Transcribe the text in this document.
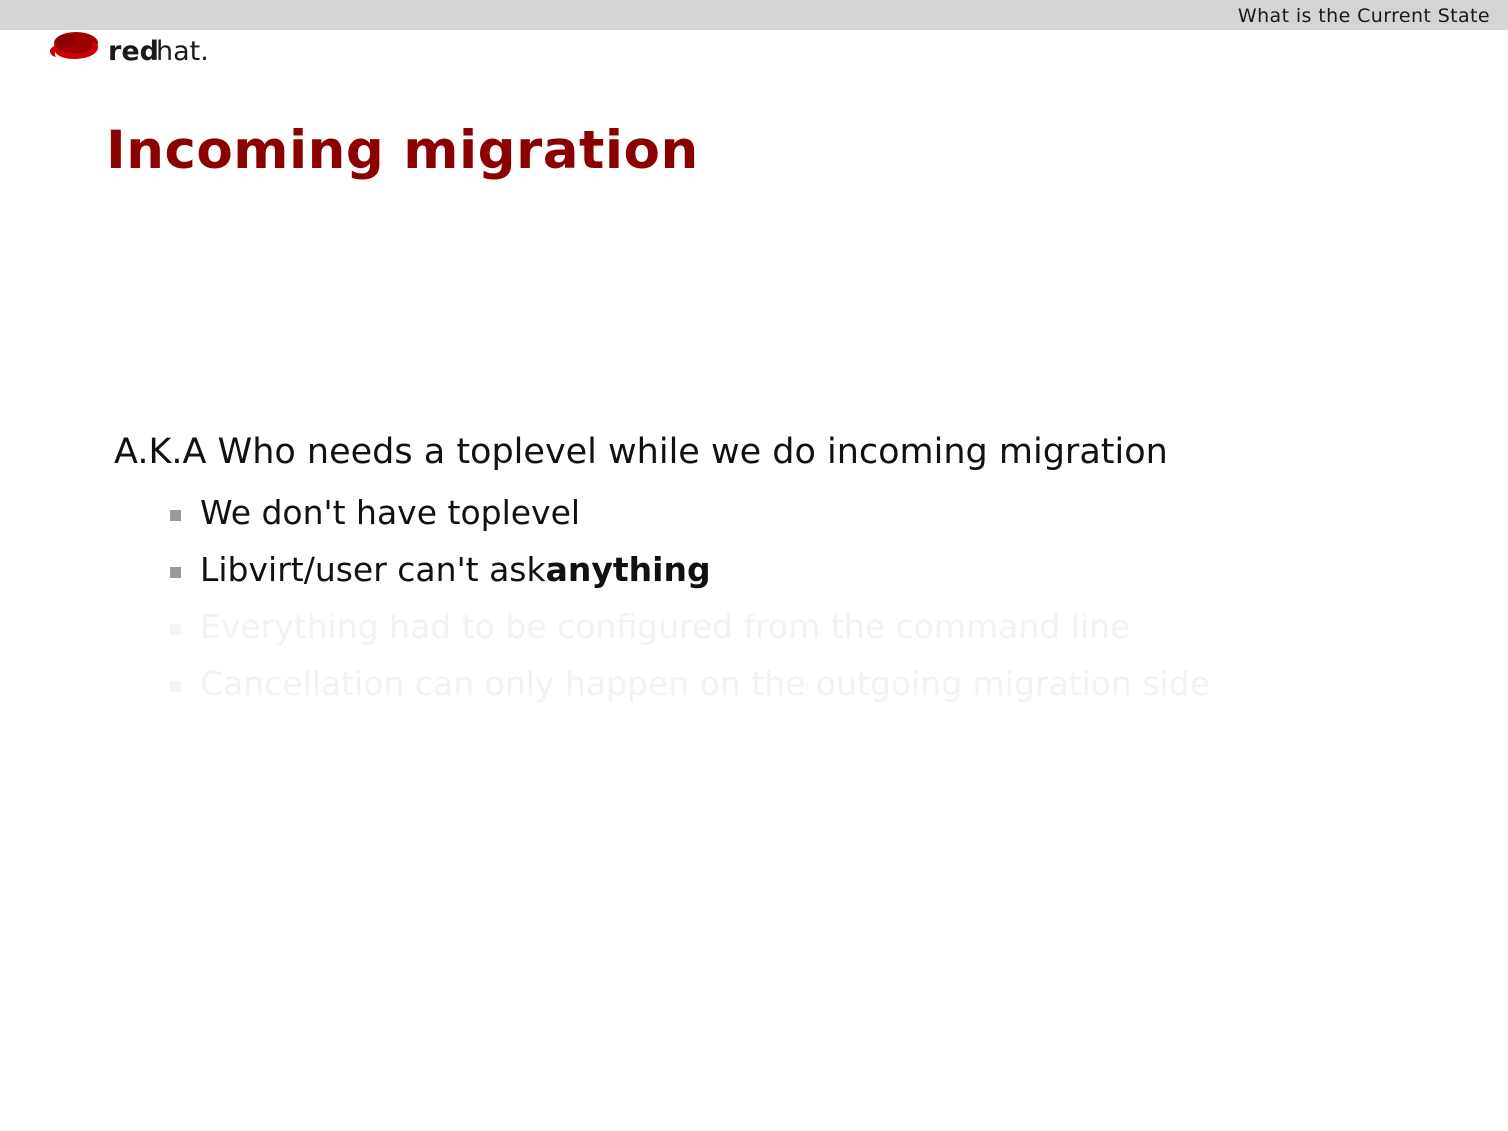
What is the Current State
red
hat.
Incoming migration
A.K.A Who needs a toplevel while we do incoming migration
We don't have toplevel
Libvirt/user can't askanything
Everything had to be configured from the command line
Cancellation can only happen on the outgoing migration side
